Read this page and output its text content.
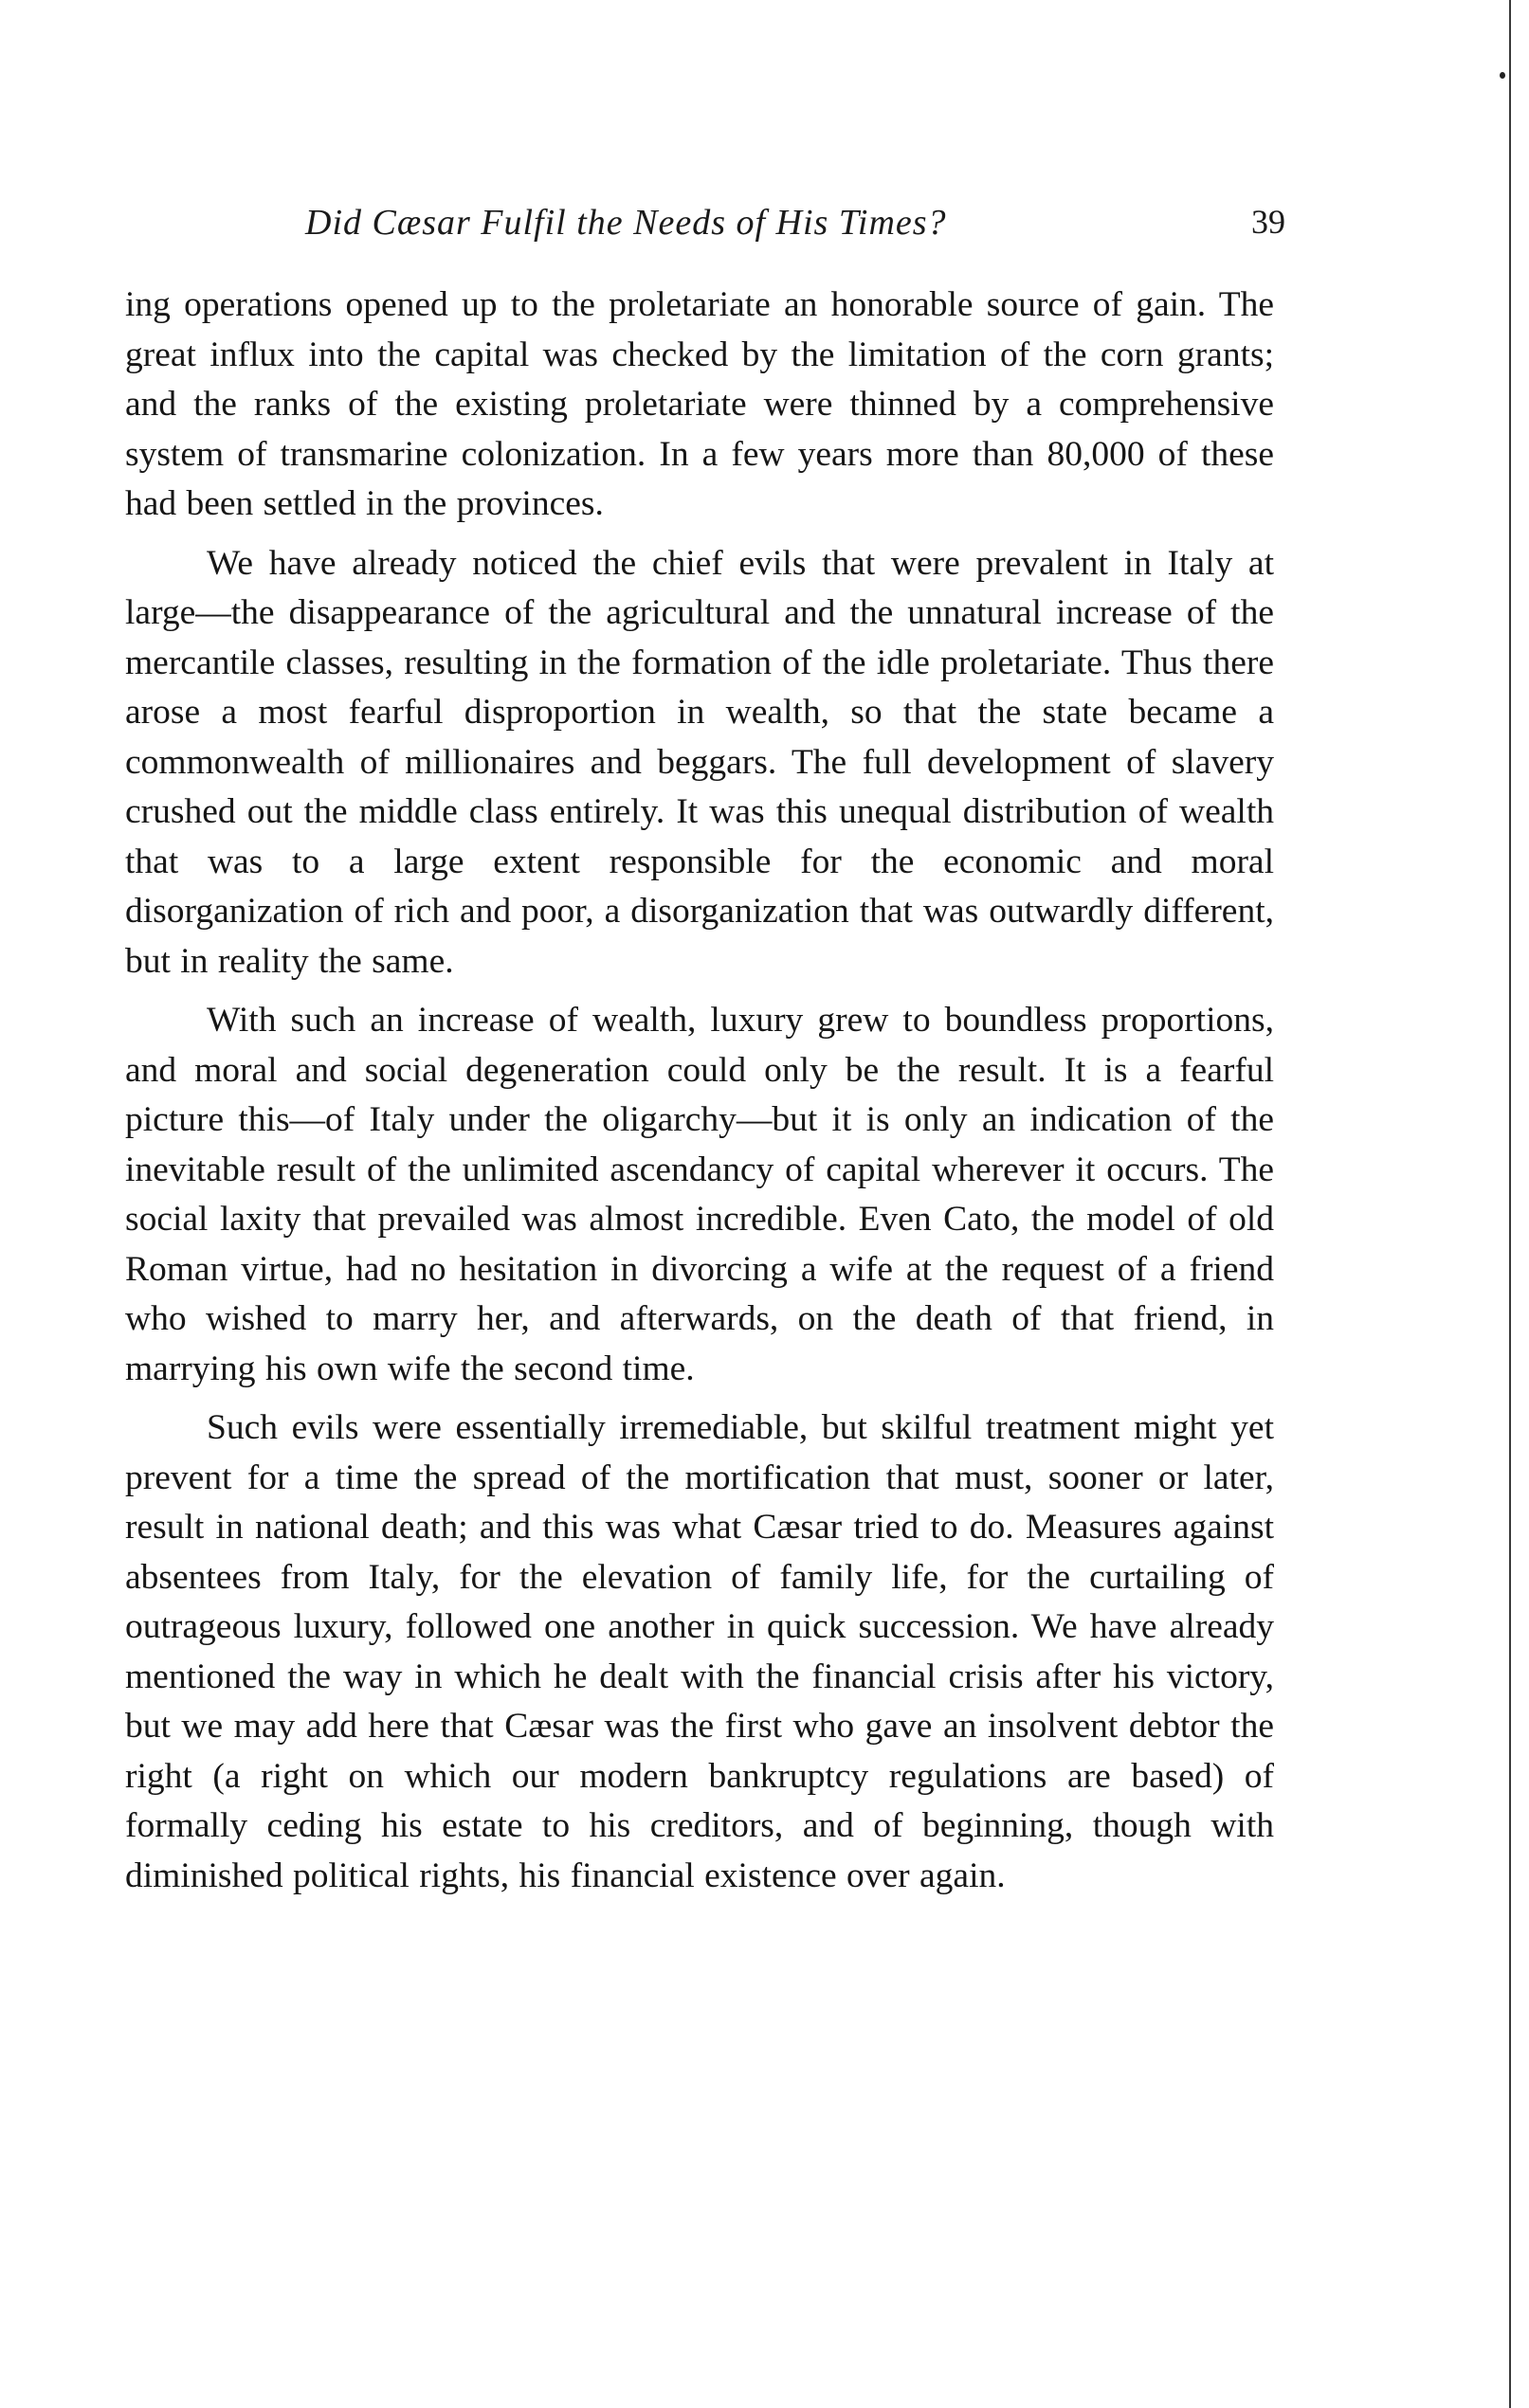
Did Cæsar Fulfil the Needs of His Times?	39

ing operations opened up to the proletariate an honorable source of gain. The great influx into the capital was checked by the limitation of the corn grants; and the ranks of the existing proletariate were thinned by a comprehensive system of transmarine colonization. In a few years more than 80,000 of these had been settled in the provinces.

We have already noticed the chief evils that were prevalent in Italy at large—the disappearance of the agricultural and the unnatural increase of the mercantile classes, resulting in the formation of the idle proletariate. Thus there arose a most fearful disproportion in wealth, so that the state became a commonwealth of millionaires and beggars. The full development of slavery crushed out the middle class entirely. It was this unequal distribution of wealth that was to a large extent responsible for the economic and moral disorganization of rich and poor, a disorganization that was outwardly different, but in reality the same.

With such an increase of wealth, luxury grew to boundless proportions, and moral and social degeneration could only be the result. It is a fearful picture this—of Italy under the oligarchy—but it is only an indication of the inevitable result of the unlimited ascendancy of capital wherever it occurs. The social laxity that prevailed was almost incredible. Even Cato, the model of old Roman virtue, had no hesitation in divorcing a wife at the request of a friend who wished to marry her, and afterwards, on the death of that friend, in marrying his own wife the second time.

Such evils were essentially irremediable, but skilful treatment might yet prevent for a time the spread of the mortification that must, sooner or later, result in national death; and this was what Cæsar tried to do. Measures against absentees from Italy, for the elevation of family life, for the curtailing of outrageous luxury, followed one another in quick succession. We have already mentioned the way in which he dealt with the financial crisis after his victory, but we may add here that Cæsar was the first who gave an insolvent debtor the right (a right on which our modern bankruptcy regulations are based) of formally ceding his estate to his creditors, and of beginning, though with diminished political rights, his financial existence over again.
